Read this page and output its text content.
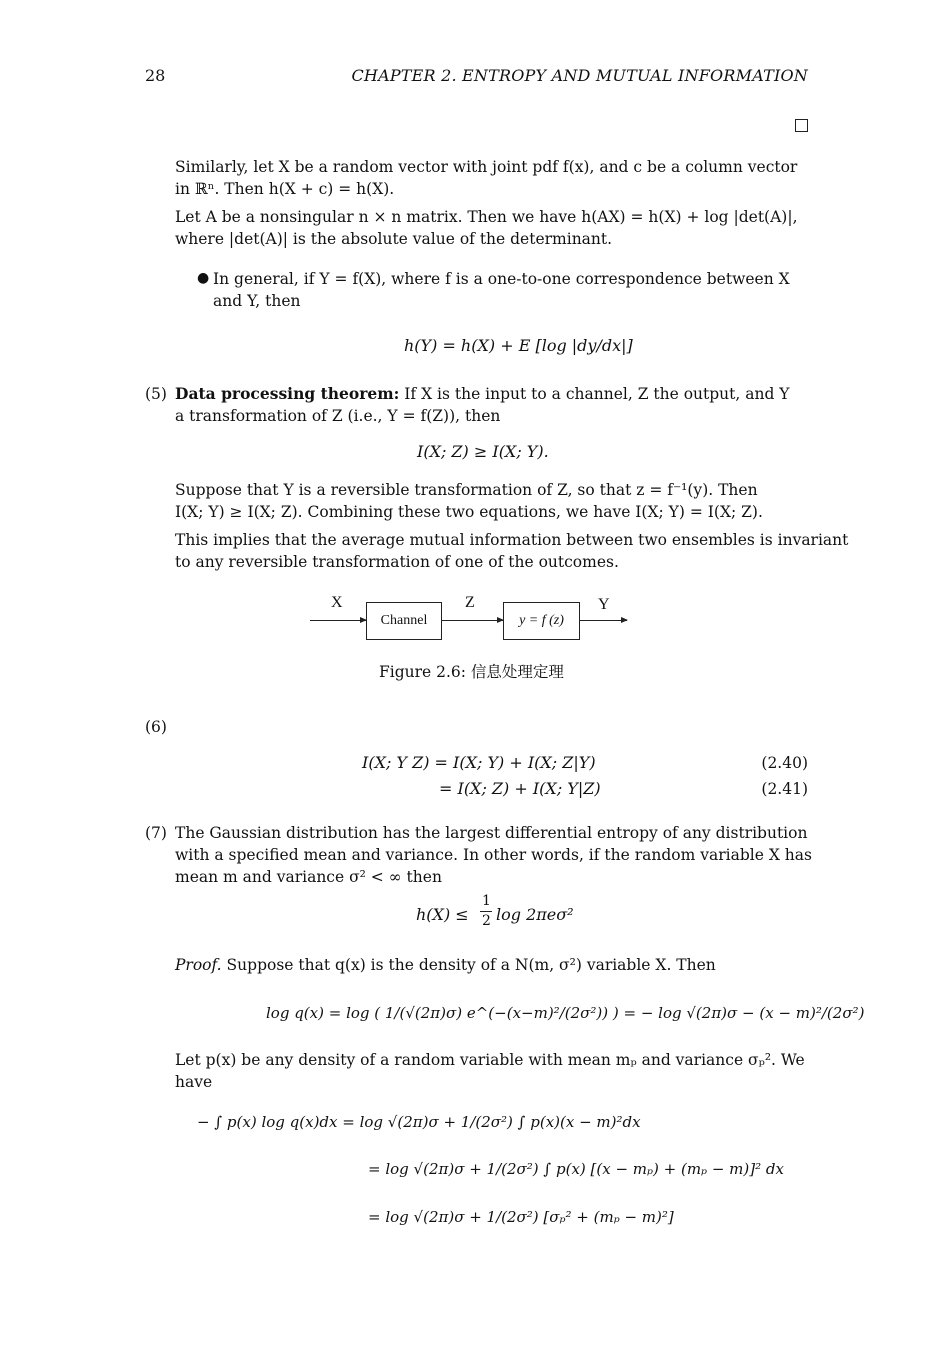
28	CHAPTER 2. ENTROPY AND MUTUAL INFORMATION
Similarly, let X be a random vector with joint pdf f(x), and c be a column vector
in ℝⁿ. Then h(X + c) = h(X).
Let A be a nonsingular n × n matrix. Then we have h(AX) = h(X) + log |det(A)|,
where |det(A)| is the absolute value of the determinant.
● In general, if Y = f(X), where f is a one-to-one correspondence between X
and Y, then
h(Y) = h(X) + E [log |dy/dx|]
(5) Data processing theorem: If X is the input to a channel, Z the output, and Y
a transformation of Z (i.e., Y = f(Z)), then
I(X; Z) ≥ I(X; Y).
Suppose that Y is a reversible transformation of Z, so that z = f⁻¹(y). Then
I(X; Y) ≥ I(X; Z). Combining these two equations, we have I(X; Y) = I(X; Z).
This implies that the average mutual information between two ensembles is invariant
to any reversible transformation of one of the outcomes.
X	Z	Y
Channel	y = f (z)
Figure 2.6: 信息处理定理
(6)
I(X; Y Z) = I(X; Y) + I(X; Z|Y)	(2.40)
= I(X; Z) + I(X; Y|Z)	(2.41)
(7) The Gaussian distribution has the largest differential entropy of any distribution
with a specified mean and variance. In other words, if the random variable X has
mean m and variance σ² < ∞ then
h(X) ≤
1
2 log 2πeσ²
Proof. Suppose that q(x) is the density of a N(m, σ²) variable X. Then
log q(x) = log ( 1/(√(2π)σ) e^(−(x−m)²/(2σ²)) ) = − log √(2π)σ − (x − m)²/(2σ²)
Let p(x) be any density of a random variable with mean mₚ and variance σₚ². We
have
− ∫ p(x) log q(x)dx = log √(2π)σ + 1/(2σ²) ∫ p(x)(x − m)²dx
= log √(2π)σ + 1/(2σ²) ∫ p(x) [(x − mₚ) + (mₚ − m)]² dx
= log √(2π)σ + 1/(2σ²) [σₚ² + (mₚ − m)²]
